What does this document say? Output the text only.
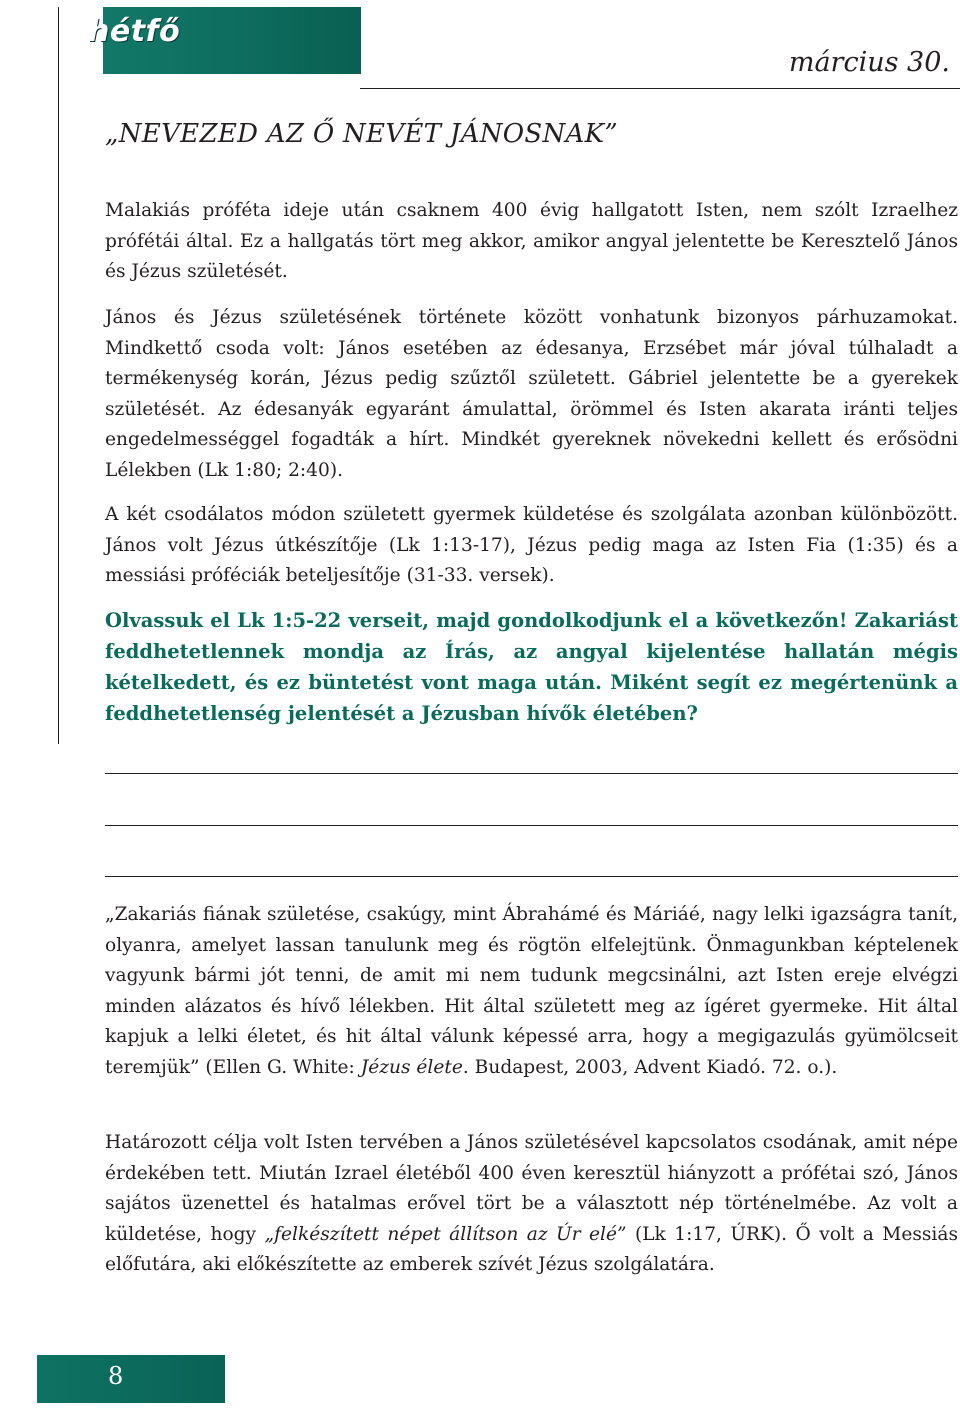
hétfő
március 30.
„NEVEZED AZ Ő NEVÉT JÁNOSNAK”

Malakiás próféta ideje után csaknem 400 évig hallgatott Isten, nem szólt Izraelhez prófétái által. Ez a hallgatás tört meg akkor, amikor angyal jelentette be Keresztelő János és Jézus születését.

János és Jézus születésének története között vonhatunk bizonyos párhuzamokat. Mindkettő csoda volt: János esetében az édesanya, Erzsébet már jóval túlhaladt a termékenység korán, Jézus pedig szűztől született. Gábriel jelentette be a gyerekek születését. Az édesanyák egyaránt ámulattal, örömmel és Isten akarata iránti teljes engedelmességgel fogadták a hírt. Mindkét gyereknek növekedni kellett és erősödni Lélekben (Lk 1:80; 2:40).

A két csodálatos módon született gyermek küldetése és szolgálata azonban különbözött. János volt Jézus útkészítője (Lk 1:13-17), Jézus pedig maga az Isten Fia (1:35) és a messiási próféciák beteljesítője (31-33. versek).

Olvassuk el Lk 1:5-22 verseit, majd gondolkodjunk el a következőn! Zakariást feddhetetlennek mondja az Írás, az angyal kijelentése hallatán mégis kételkedett, és ez büntetést vont maga után. Miként segít ez megértenünk a feddhetetlenség jelentését a Jézusban hívők életében?

„Zakariás fiának születése, csakúgy, mint Ábrahámé és Máriáé, nagy lelki igazságra tanít, olyanra, amelyet lassan tanulunk meg és rögtön elfelejtünk. Önmagunkban képtelenek vagyunk bármi jót tenni, de amit mi nem tudunk megcsinálni, azt Isten ereje elvégzi minden alázatos és hívő lélekben. Hit által született meg az ígéret gyermeke. Hit által kapjuk a lelki életet, és hit által válunk képessé arra, hogy a megigazulás gyümölcseit teremjük” (Ellen G. White: Jézus élete. Budapest, 2003, Advent Kiadó. 72. o.).

Határozott célja volt Isten tervében a János születésével kapcsolatos csodának, amit népe érdekében tett. Miután Izrael életéből 400 éven keresztül hiányzott a prófétai szó, János sajátos üzenettel és hatalmas erővel tört be a választott nép történelmébe. Az volt a küldetése, hogy „felkészített népet állítson az Úr elé” (Lk 1:17, ÚRK). Ő volt a Messiás előfutára, aki előkészítette az emberek szívét Jézus szolgálatára.

8
